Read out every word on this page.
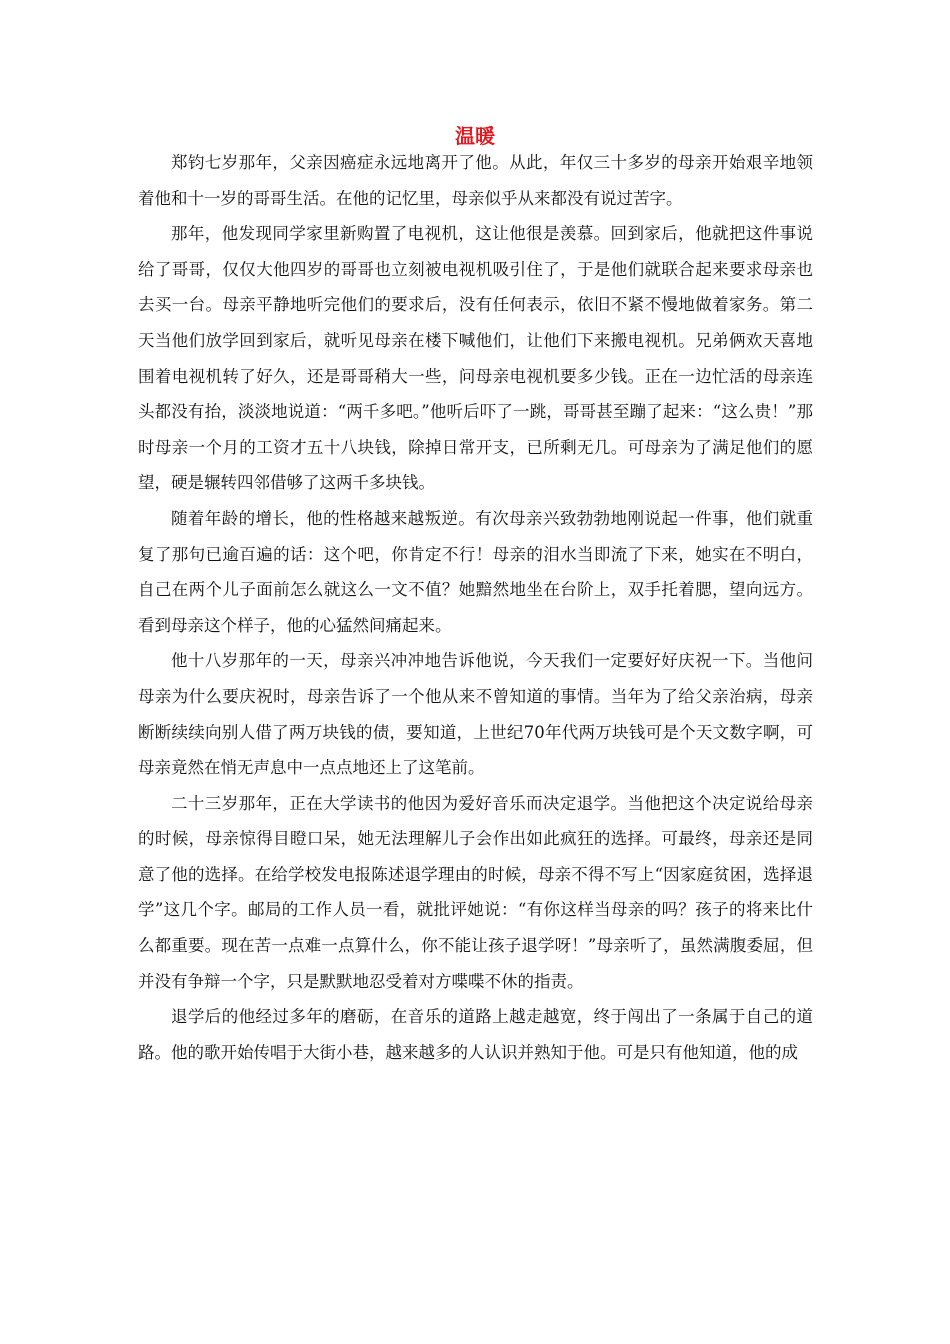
温暖

郑钧七岁那年，父亲因癌症永远地离开了他。从此，年仅三十多岁的母亲开始艰辛地领着他和十一岁的哥哥生活。在他的记忆里，母亲似乎从来都没有说过苦字。

那年，他发现同学家里新购置了电视机，这让他很是羡慕。回到家后，他就把这件事说给了哥哥，仅仅大他四岁的哥哥也立刻被电视机吸引住了，于是他们就联合起来要求母亲也去买一台。母亲平静地听完他们的要求后，没有任何表示，依旧不紧不慢地做着家务。第二天当他们放学回到家后，就听见母亲在楼下喊他们，让他们下来搬电视机。兄弟俩欢天喜地围着电视机转了好久，还是哥哥稍大一些，问母亲电视机要多少钱。正在一边忙活的母亲连头都没有抬，淡淡地说道：“两千多吧。”他听后吓了一跳，哥哥甚至蹦了起来：“这么贵！”那时母亲一个月的工资才五十八块钱，除掉日常开支，已所剩无几。可母亲为了满足他们的愿望，硬是辗转四邻借够了这两千多块钱。

随着年龄的增长，他的性格越来越叛逆。有次母亲兴致勃勃地刚说起一件事，他们就重复了那句已逾百遍的话：这个吧，你肯定不行！母亲的泪水当即流了下来，她实在不明白，自己在两个儿子面前怎么就这么一文不值？她黯然地坐在台阶上，双手托着腮，望向远方。看到母亲这个样子，他的心猛然间痛起来。

他十八岁那年的一天，母亲兴冲冲地告诉他说，今天我们一定要好好庆祝一下。当他问母亲为什么要庆祝时，母亲告诉了一个他从来不曾知道的事情。当年为了给父亲治病，母亲断断续续向别人借了两万块钱的债，要知道，上世纪70年代两万块钱可是个天文数字啊，可母亲竟然在悄无声息中一点点地还上了这笔前。

二十三岁那年，正在大学读书的他因为爱好音乐而决定退学。当他把这个决定说给母亲的时候，母亲惊得目瞪口呆，她无法理解儿子会作出如此疯狂的选择。可最终，母亲还是同意了他的选择。在给学校发电报陈述退学理由的时候，母亲不得不写上“因家庭贫困，选择退学”这几个字。邮局的工作人员一看，就批评她说：“有你这样当母亲的吗？孩子的将来比什么都重要。现在苦一点难一点算什么，你不能让孩子退学呀！”母亲听了，虽然满腹委屈，但并没有争辩一个字，只是默默地忍受着对方喋喋不休的指责。

退学后的他经过多年的磨砺，在音乐的道路上越走越宽，终于闯出了一条属于自己的道路。他的歌开始传唱于大街小巷，越来越多的人认识并熟知于他。可是只有他知道，他的成
